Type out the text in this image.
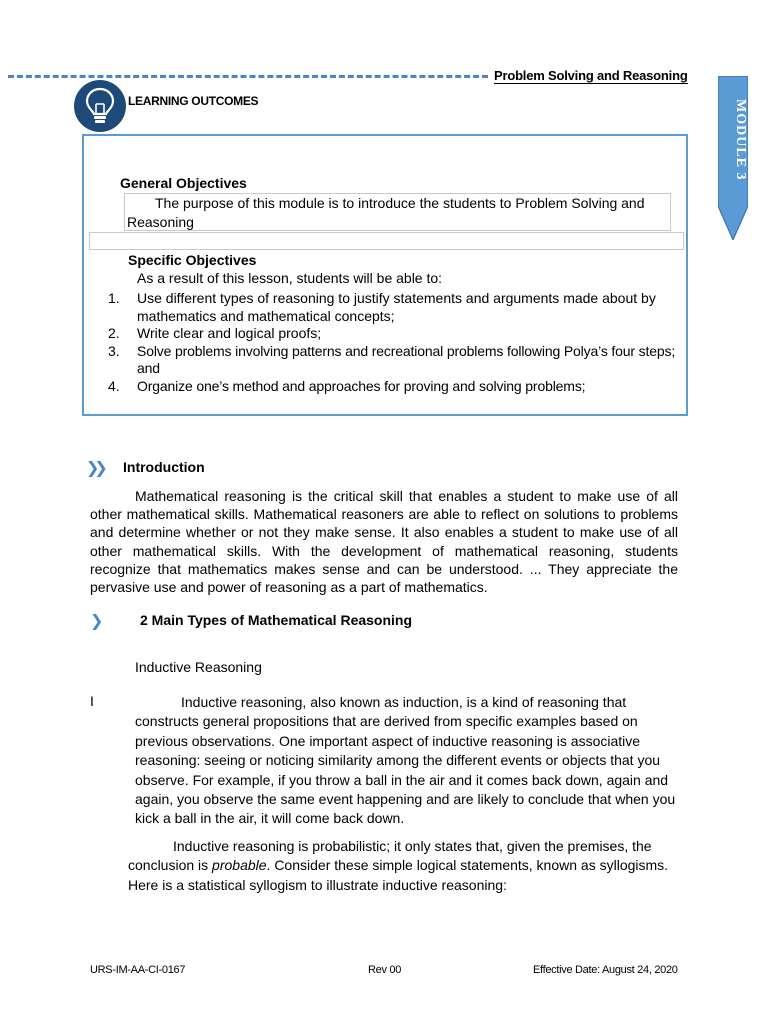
Problem Solving and Reasoning
LEARNING OUTCOMES	MODULE 3
General Objectives
The purpose of this module is to introduce the students to Problem Solving and Reasoning
Specific Objectives
As a result of this lesson, students will be able to:
1.	Use different types of reasoning to justify statements and arguments made about by mathematics and mathematical concepts;
2.	Write clear and logical proofs;
3.	Solve problems involving patterns and recreational problems following Polya’s four steps; and
4.	Organize one’s method and approaches for proving and solving problems;
❯❯ Introduction
Mathematical reasoning is the critical skill that enables a student to make use of all other mathematical skills. Mathematical reasoners are able to reflect on solutions to problems and determine whether or not they make sense. It also enables a student to make use of all other mathematical skills. With the development of mathematical reasoning, students recognize that mathematics makes sense and can be understood. ... They appreciate the pervasive use and power of reasoning as a part of mathematics.
❯	2 Main Types of Mathematical Reasoning
Inductive Reasoning
I	Inductive reasoning, also known as induction, is a kind of reasoning that constructs general propositions that are derived from specific examples based on previous observations. One important aspect of inductive reasoning is associative reasoning: seeing or noticing similarity among the different events or objects that you observe. For example, if you throw a ball in the air and it comes back down, again and again, you observe the same event happening and are likely to conclude that when you kick a ball in the air, it will come back down.
Inductive reasoning is probabilistic; it only states that, given the premises, the conclusion is probable. Consider these simple logical statements, known as syllogisms. Here is a statistical syllogism to illustrate inductive reasoning:
URS-IM-AA-CI-0167	Rev 00	Effective Date: August 24, 2020
